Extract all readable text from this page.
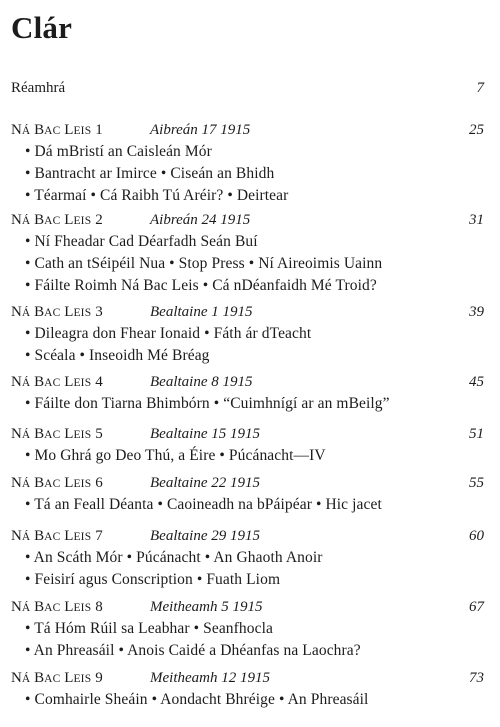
Clár
Réamhrá	7
NÁ BAC LEIS 1	Aibreán 17 1915	25
• Dá mBristí an Caisleán Mór
• Bantracht ar Imirce • Ciseán an Bhidh
• Téarmaí • Cá Raibh Tú Aréir? • Deirtear
NÁ BAC LEIS 2	Aibreán 24 1915	31
• Ní Fheadar Cad Déarfadh Seán Buí
• Cath an tSéipéil Nua • Stop Press • Ní Aireoimis Uainn
• Fáilte Roimh Ná Bac Leis • Cá nDéanfaidh Mé Troid?
NÁ BAC LEIS 3	Bealtaine 1 1915	39
• Dileagra don Fhear Ionaid • Fáth ár dTeacht
• Scéala • Inseoidh Mé Bréag
NÁ BAC LEIS 4	Bealtaine 8 1915	45
• Fáilte don Tiarna Bhimbórn • “Cuimhnígí ar an mBeilg”
NÁ BAC LEIS 5	Bealtaine 15 1915	51
• Mo Ghrá go Deo Thú, a Éire • Púcánacht—IV
NÁ BAC LEIS 6	Bealtaine 22 1915	55
• Tá an Feall Déanta • Caoineadh na bPáipéar • Hic jacet
NÁ BAC LEIS 7	Bealtaine 29 1915	60
• An Scáth Mór • Púcánacht • An Ghaoth Anoir
• Feisirí agus Conscription • Fuath Liom
NÁ BAC LEIS 8	Meitheamh 5 1915	67
• Tá Hóm Rúil sa Leabhar • Seanfhocla
• An Phreasáil • Anois Caidé a Dhéanfas na Laochra?
NÁ BAC LEIS 9	Meitheamh 12 1915	73
• Comhairle Sheáin • Aondacht Bhréige • An Phreasáil
